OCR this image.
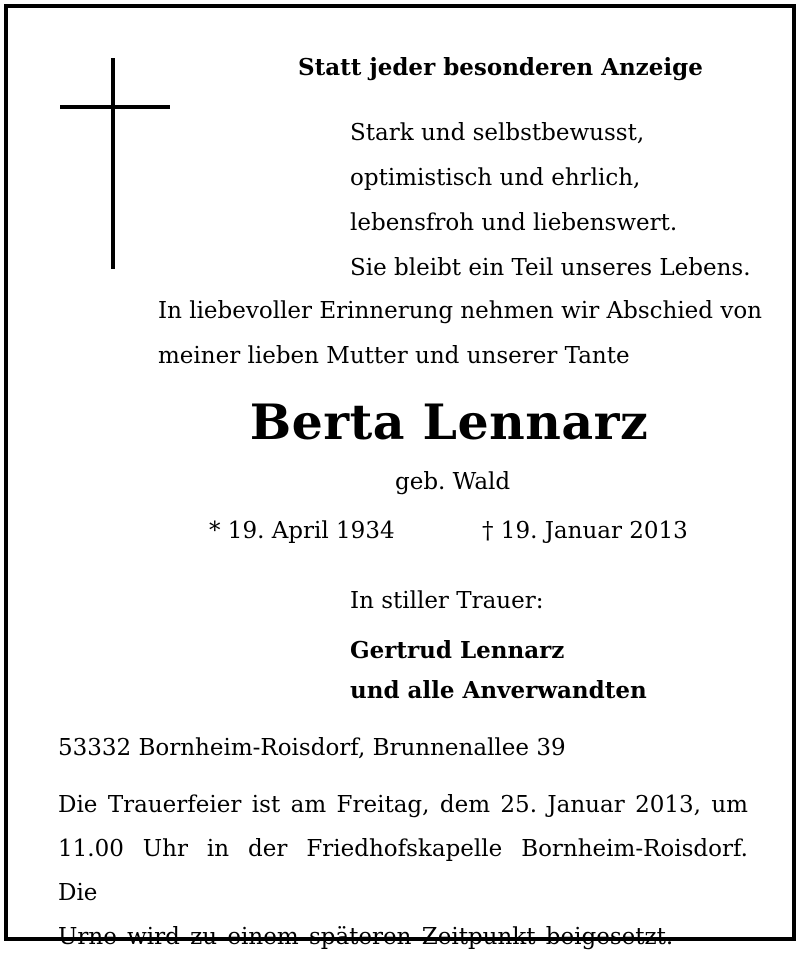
Statt jeder besonderen Anzeige
Stark und selbstbewusst,
optimistisch und ehrlich,
lebensfroh und liebenswert.
Sie bleibt ein Teil unseres Lebens.
In liebevoller Erinnerung nehmen wir Abschied von
meiner lieben Mutter und unserer Tante
Berta Lennarz
geb. Wald
* 19. April 1934	† 19. Januar 2013
In stiller Trauer:
Gertrud Lennarz
und alle Anverwandten
53332 Bornheim-Roisdorf, Brunnenallee 39
Die Trauerfeier ist am Freitag, dem 25. Januar 2013, um
11.00 Uhr in der Friedhofskapelle Bornheim-Roisdorf. Die
Urne wird zu einem späteren Zeitpunkt beigesetzt.
